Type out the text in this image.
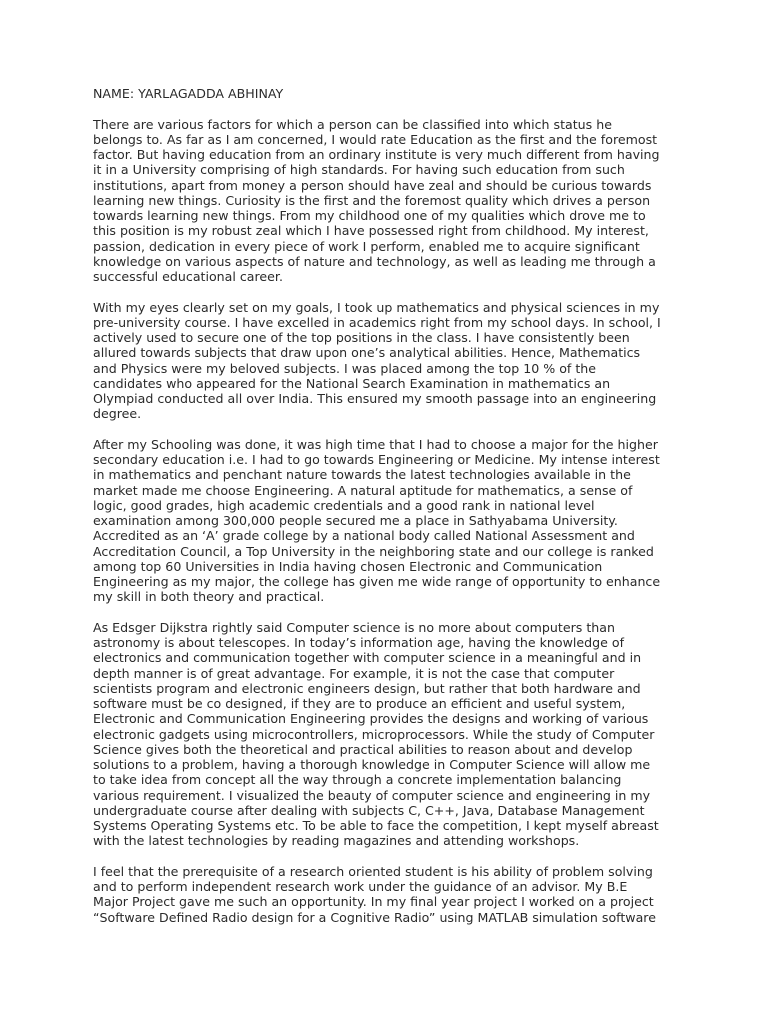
NAME: YARLAGADDA ABHINAY
There are various factors for which a person can be classified into which status he
belongs to. As far as I am concerned, I would rate Education as the first and the foremost
factor. But having education from an ordinary institute is very much different from having
it in a University comprising of high standards. For having such education from such
institutions, apart from money a person should have zeal and should be curious towards
learning new things. Curiosity is the first and the foremost quality which drives a person
towards learning new things. From my childhood one of my qualities which drove me to
this position is my robust zeal which I have possessed right from childhood. My interest,
passion, dedication in every piece of work I perform, enabled me to acquire significant
knowledge on various aspects of nature and technology, as well as leading me through a
successful educational career.
With my eyes clearly set on my goals, I took up mathematics and physical sciences in my
pre-university course. I have excelled in academics right from my school days. In school, I
actively used to secure one of the top positions in the class. I have consistently been
allured towards subjects that draw upon one’s analytical abilities. Hence, Mathematics
and Physics were my beloved subjects. I was placed among the top 10 % of the
candidates who appeared for the National Search Examination in mathematics an
Olympiad conducted all over India. This ensured my smooth passage into an engineering
degree.
After my Schooling was done, it was high time that I had to choose a major for the higher
secondary education i.e. I had to go towards Engineering or Medicine. My intense interest
in mathematics and penchant nature towards the latest technologies available in the
market made me choose Engineering. A natural aptitude for mathematics, a sense of
logic, good grades, high academic credentials and a good rank in national level
examination among 300,000 people secured me a place in Sathyabama University.
Accredited as an ‘A’ grade college by a national body called National Assessment and
Accreditation Council, a Top University in the neighboring state and our college is ranked
among top 60 Universities in India having chosen Electronic and Communication
Engineering as my major, the college has given me wide range of opportunity to enhance
my skill in both theory and practical.
As Edsger Dijkstra rightly said Computer science is no more about computers than
astronomy is about telescopes. In today’s information age, having the knowledge of
electronics and communication together with computer science in a meaningful and in
depth manner is of great advantage. For example, it is not the case that computer
scientists program and electronic engineers design, but rather that both hardware and
software must be co designed, if they are to produce an efficient and useful system,
Electronic and Communication Engineering provides the designs and working of various
electronic gadgets using microcontrollers, microprocessors. While the study of Computer
Science gives both the theoretical and practical abilities to reason about and develop
solutions to a problem, having a thorough knowledge in Computer Science will allow me
to take idea from concept all the way through a concrete implementation balancing
various requirement. I visualized the beauty of computer science and engineering in my
undergraduate course after dealing with subjects C, C++, Java, Database Management
Systems Operating Systems etc. To be able to face the competition, I kept myself abreast
with the latest technologies by reading magazines and attending workshops.
I feel that the prerequisite of a research oriented student is his ability of problem solving
and to perform independent research work under the guidance of an advisor. My B.E
Major Project gave me such an opportunity. In my final year project I worked on a project
“Software Defined Radio design for a Cognitive Radio” using MATLAB simulation software
